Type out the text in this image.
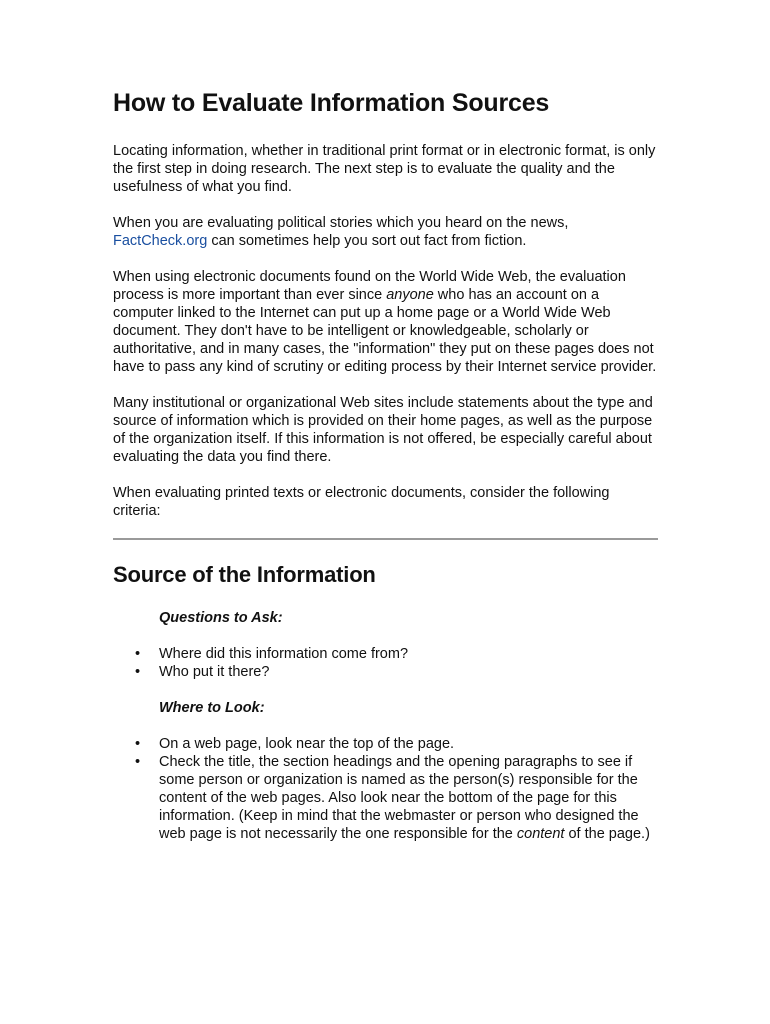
How to Evaluate Information Sources

Locating information, whether in traditional print format or in electronic format, is only the first step in doing research. The next step is to evaluate the quality and the usefulness of what you find.

When you are evaluating political stories which you heard on the news, FactCheck.org can sometimes help you sort out fact from fiction.

When using electronic documents found on the World Wide Web, the evaluation process is more important than ever since anyone who has an account on a computer linked to the Internet can put up a home page or a World Wide Web document. They don't have to be intelligent or knowledgeable, scholarly or authoritative, and in many cases, the "information" they put on these pages does not have to pass any kind of scrutiny or editing process by their Internet service provider.

Many institutional or organizational Web sites include statements about the type and source of information which is provided on their home pages, as well as the purpose of the organization itself. If this information is not offered, be especially careful about evaluating the data you find there.

When evaluating printed texts or electronic documents, consider the following criteria:

Source of the Information
Questions to Ask:
• Where did this information come from?
• Who put it there?
Where to Look:
• On a web page, look near the top of the page.
• Check the title, the section headings and the opening paragraphs to see if some person or organization is named as the person(s) responsible for the content of the web pages. Also look near the bottom of the page for this information. (Keep in mind that the webmaster or person who designed the web page is not necessarily the one responsible for the content of the page.)
